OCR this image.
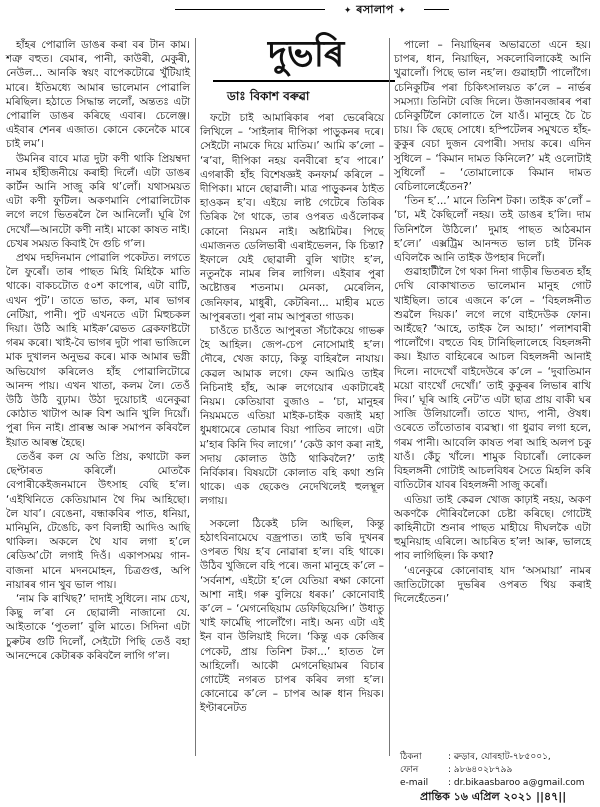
✦ ৰসালাপ ✦
দুভৰি
ডাঃ বিকাশ বৰুৱা

হাঁহৰ পোৱালি ডাঙৰ কৰা বৰ টান কাম। শত্ৰু বহুত। বেমাৰ, পানী, কাউৰী, মেকুৰী, নেউল... আনকি স্বয়ং বাপেকটোৱে খুঁটিয়াই মাৰে। ইতিমধ্যে আমাৰ ভালেমান পোৱালি মৰিছিল। হঠাতে সিদ্ধান্ত ললোঁ, অন্ততঃ এটা পোৱালি ডাঙৰ কৰিছে এবাৰ। চেলেঞ্জ। এইবাৰ শেনৰ এজাত। কোনে কেনেকৈ মাৰে চাই লম’।

উমনিৰ বাবে মাত্ৰ দুটা কণী থাকি প্ৰিয়ম্বদা নামৰ হাঁহীজনীয়ে কৰাহী দিলেঁ। এটা ডাঙৰ কাৰ্টন আনি সাজু কৰি থ’লোঁ। যথাসময়ত এটা কণী ফুটিল। অকণমানি পোৱালিটোক লগে লগে ভিতৰলৈ লৈ আনিলোঁ। ঘূৰি গৈ দেখোঁ—আনটো কণী নাই। মাকো কাষত নাই। চেখৰ সময়ত কিবাই দৈ গুচি গ’ল।

প্ৰথম দহদিনমান পোৱালি পকেটত। লগতে লৈ ফুৰোঁ। তাৰ পাছত মিহি মিহিকৈ মাতি থাকে। বাকচটোত ৫০শ কাপোৰ, এটা বাটি, এখন পুট’। তাতে ভাত, কল, মাৰ ভাগৰ নেটিয়া, পানী। পুট এখনতে এটা মিহুচকল দিয়া। উঠি আহি মাইক্ৰ’ৱেভত ব্ৰেকফাষ্টটো গৰম কৰো। খাই-বৈ ভাগৰ দুটা পাৰা ভাজিলে মাক দুখালন অনুভৱ কৰে। মাক আমাৰ ভগ্নী অভিযোগ কৰিলেও হাঁহ পোৱালিটোৱে আনন্দ পায়। এখন খাতা, কলম লৈ। তেওঁ উঠি উঠি বুঢ়াম। উঠা দুয়োচাই এনেকুৱা কোঠাত খাটাপ আৰু বিশ আনি খুলি দিয়োঁ। পুৰা দিন নাই। প্ৰাৰম্ভ আৰু সমাপন কৰিবলৈ ইয়াত আৰম্ভ হৈছে।

তেওঁৰ কল যে অতি প্ৰিয়, কথাটো কল ছেপ্টাৰত কৰিলেঁ। মোতকৈ বেপাৰীকেইজনমানে উৎসাহ বেছি হ’ল। ‘এইখিনিতে কেতিয়ামান থৈ দিম আহিছো। লৈ যাব’। বেঙেনা, বন্ধাকবিৰ পাত, ধনিয়া, মানিমুনি, টেঙেচি, কণ বিলাহী আদিও আছি থাকিল। অকলে থৈ যাব লগা হ’লে ৰেডিঅ’টো লগাই দিওঁ। একাপসময় গান-বাজনা মানে মদনমোহন, চিত্ৰগুপ্ত, অপি নায়াৰৰ গান খুব ভাল পায়।

‘নাম কি ৰাখিছ?’ দাদাই সুধিলে। নাম চেখ, কিছু ল’ৰা নে ছোৱালী নাজানো যে. আইতাকে ‘পুতলা’ বুলি মাতে। সিদিনা এটা চুৰুটৰ গুটি দিলোঁ, সেইটো পিছি তেওঁ বহা আনন্দেৰে কেটাৰক কৰিবলৈ লাগি গ’ল।

ফটো চাই আমাৰিকাৰ পৰা ভেৰেৰিয়ে লিখিলে – ‘সাইলাৰ দীপিকা পাড়ুকনৰ দৰে। সেইটো নামকে দিয়ে মাতিম।’ আমি ক’লো – ‘ৰ’বা, দীপিকা নহয় বনবীৰো হ’ব পাৰে।’ এগৰাকী হাঁহ বিশেষজ্ঞই কনফাৰ্ম কৰিলে – দীপিকা। মানে ছোৱালী। মাত্ৰ পাড়ুকনৰ ঠাইত হাওকন হ’ব। এইয়ে লাষ্ট গেটেৰে তিৰিক তিৰিক গৈ থাকে, তাৰ ওপৰত এওঁলোকৰ কোনো নিয়মন নাই। অষ্টামিটৰ। পিছে এমাজনত ডেলিভাৰী এৰাইভেলন, কি চিন্তা? ইফালে যেই ছোৱালী বুলি খাটাং হ’ল, নতুনকৈ নামৰ লিৰ লাগিল। এইবাৰ পুৰা অষ্টোত্তৰ শতনাম। মেনকা, মেৰেলিন, জেনিফাৰ, মাধুৰী, কেটৰিনা... মাহীৰ মতে আপুৰৰতা। পুৰা নাম আপুৰতা গাডক।

চাওঁতে চাওঁতে আপুৰতা সঁচাকৈয়ে গাভৰু হৈ আহিল। জেপ-চেপ নোসোমাই হ’ল। দৌৰে, খেজ কাঢ়ে, কিন্তু বাহিৰলৈ নাযায়। কেৱল আমাক লগে। ফেন আমিও তাইৰ নিচিনাই হাঁহ, আৰু লগেয়োৰ একাটাৰেই নিয়ম। কেতিয়াবা বুজাও – ‘চা, মানুহৰ নিয়মমতে এতিয়া মাইক-চাইক বজাই মহা ধুমধামেৰে তোমাৰ বিয়া পাতিব লাগে। এটা ম’হাৰ কিনি দিব লাগে।’ ‘কেউ কাণ কৰা নাই, সদায় কোলাত উঠি থাকিবলৈ?’ তাই নিৰ্বিকাৰ। বিষয়টো কোলাত বহি কথা শুনি থাকে। এক ছেকেণ্ড নেদেখিলেই হুলস্থূল লগায়।

সকলো ঠিকেই চলি আছিল, কিন্তু হঠাৎবিনামেঘে বজ্ৰপাত। তাই ভৰি দুখনৰ ওপৰত থিয় হ’ব নোৱাৰা হ’ল। বহি থাকে। উঠিব খুজিলে বহি পৰে। জনা মানুহে ক’লে – ‘সৰ্বনাশ, এইটো হ’লে যেতিয়া ৰক্ষা কোনো আশা নাই। গৰু বুলিয়ে ধৰক।’ কোনোবাই ক’লে – ‘মেগনেছিয়াম ডেফিছিয়েন্সি।’ উধাতু খাই ফাৰ্মেছি পালোঁগৈ। নাই। অন্য এটা এই ইন বান উলিয়াই দিলে। ‘কিন্তু এক কেজিৰ পেকেট, প্ৰায় তিনিশ টকা...’ হাতত লৈ আহিলোঁ। আকৌ মেগনেছিয়ামৰ বিচাৰ গোটেই নগৰত চাপৰ কৰিব লগা হ’ল। কোনোৱে ক’লে – চাপৰ আৰু ধান দিয়ক। ইণ্টাৰনেটত

পালো – নিয়াছিনৰ অভাৱতো এনে হয়। চাপৰ, ধান, নিয়াছিন, সকলোবিলাকেই আনি খুৱালোঁ। পিছে ভাল নহ’ল। গুৱাহাটী পালোঁগৈ। চেনিকুটিৰ পৰা চিকিৎসালয়ত ক’লে – নাৰ্ভৰ সমস্যা। তিনিটা বেজি দিলে। উজানবজাৰৰ পৰা চেনিকুটিলৈ কোলাতে লৈ যাওঁ। মানুহে চৈ চৈ চায়। কি ছেছে সোধে। হস্পিটেলৰ সমুখতে হাঁহ-কুকুৰ বেচা দুজন বেপাৰী। সদায় কৰে। এদিন সুধিলে – ‘কিমান দামত কিনিলে?’ মই ওলোটাই সুধিলোঁ – ‘তোমালোকে কিমান দামত বেচিলালেহেঁতেন?’

‘তিন হ’...’ মানে তিনিশ টকা। তাইক ক’লোঁ – ‘চা, মই কৈছিলোঁ নহয়। তই ডাঙৰ হ’লি। দাম তিনিশলৈ উঠিলে।’ দুমাহ পাছত আঠৰমান হ’লে।’ এক্সট্ৰিম আনন্দত ভাল চাই টনিক এবিলকৈ আনি তাইক উপহাৰ দিলোঁ।

গুৱাহাটীলৈ গৈ থকা দিনা গাড়ীৰ ভিতৰত হাঁহ দেখি বোকাখাতত ভালেমান মানুহ গোট খাইছিল। তাৰে এজনে ক’লে – ‘বিহলঙ্গনীত শুৱলৈ দিয়ক।’ লগে লগে বাইদেউক ফোন। আহঁছে? ‘আহে, তাইক লৈ আহা।’ পলাশবাৰী পালোঁগৈ। বহুতে বিহ টানিছিলালেহে বিহলঙ্গনী কয়। ইয়াত বাহিৰেৰে আচল বিহলঙ্গনী আনাই দিলে। নাদেখোঁ বাইদেউৰে ক’লে – ‘দুবাতিমান ময়ো বাংখোঁ দেখোঁ।’ তাই কুকুৰৰ লিভাৰ ৰাখি দিব।’ ঘূৰি আহি নেট’ত এটা ছাত্ৰ প্ৰায় বাকী ঘৰ সাজি উলিয়ালোঁ। তাতে খাদ্য, পানী, ঔষধ। ওৰেতে তাঁতোতাৰ ব্যৱস্থা। গা ধুৱাব লগা হলে, গৰম পানী। আবেলি কাষত পৰা আহি অলপ চকু যাওঁ। কেঁচু খাঁলে। শামুক বিচাৰোঁ। লোকেল বিহলঙ্গনী গোটাই আচলবিধৰ সৈতে মিহলি কৰি বাতিটোৰ যাবৰ বিহলঙ্গনী সাজু কৰোঁ।

এতিয়া তাই কেৱল খোজ কাঢ়াই নহয়, অকণ অকণকৈ দৌৰিবলৈকো চেষ্টা কৰিছে। গোটেই কাহিনীটো শুনাৰ পাছত মাহীয়ে দীঘলকৈ এটা হুমুনিয়াহ এৰিলে। আচৰিত হ’ল! আৰু, ভালহে পাব লাগিছিল। কি কথা?

‘এনেকুৱে কোনোবাহ যাদ ‘অসমায়া’ নামৰ জাতিটোকো দুভৰিৰ ওপৰত থিয় কৰাই দিলেহেঁতেন।’

ঠিকনা	: ৱুড়াৰ, যোৰহাট-৭৮৫০০১,
ফোন	: ৯৮৬৪০২৮৭৯৯
e-mail : dr.bikaasbaroo a@gmail.com
প্ৰান্তিক ১৬ এপ্ৰিল ২০২১ ||৪৭||
